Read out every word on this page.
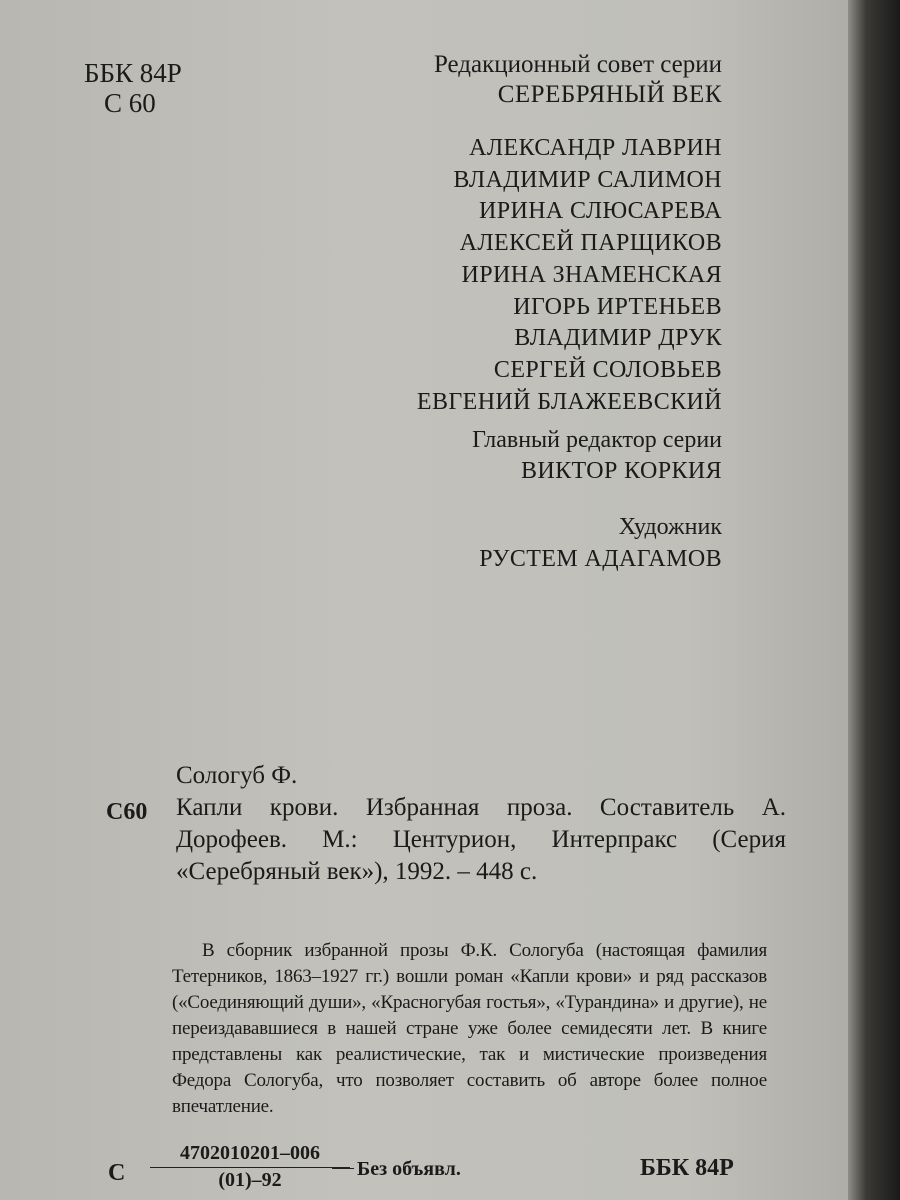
ББК 84Р
С 60
Редакционный совет серии
СЕРЕБРЯНЫЙ ВЕК
АЛЕКСАНДР ЛАВРИН
ВЛАДИМИР САЛИМОН
ИРИНА СЛЮСАРЕВА
АЛЕКСЕЙ ПАРЩИКОВ
ИРИНА ЗНАМЕНСКАЯ
ИГОРЬ ИРТЕНЬЕВ
ВЛАДИМИР ДРУК
СЕРГЕЙ СОЛОВЬЕВ
ЕВГЕНИЙ БЛАЖЕЕВСКИЙ
Главный редактор серии
ВИКТОР КОРКИЯ
Художник
РУСТЕМ АДАГАМОВ
Сологуб Ф.
С60 Капли крови. Избранная проза. Составитель А. Дорофеев. М.: Центурион, Интерпракс (Серия «Серебряный век»), 1992. – 448 с.
В сборник избранной прозы Ф.К. Сологуба (настоящая фамилия Тетерников, 1863–1927 гг.) вошли роман «Капли крови» и ряд рассказов («Соединяющий души», «Красногубая гостья», «Турандина» и другие), не переиздававшиеся в нашей стране уже более семидесяти лет. В книге представлены как реалистические, так и мистические произведения Федора Сологуба, что позволяет составить об авторе более полное впечатление.
С $\frac{4702010201-006}{(01)-92}$ Без объявл.	ББК 84Р
